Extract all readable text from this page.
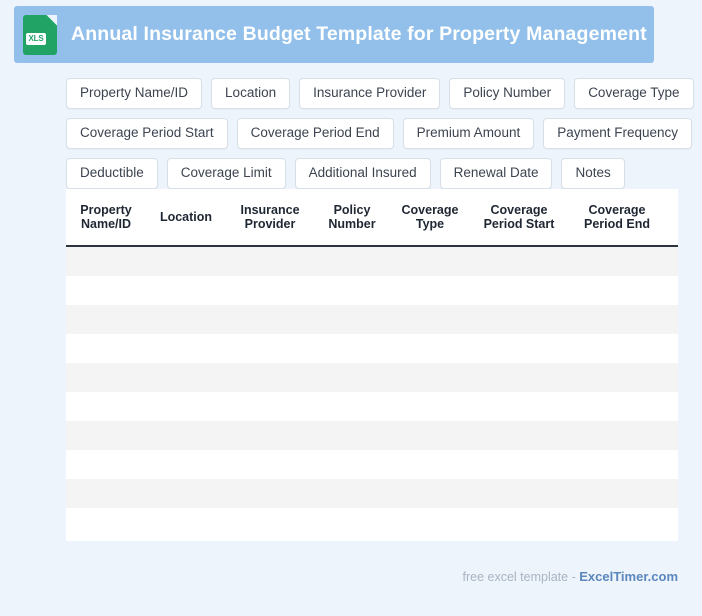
XLS Annual Insurance Budget Template for Property Management
Property Name/ID	Location	Insurance Provider	Policy Number	Coverage Type
Coverage Period Start	Coverage Period End	Premium Amount	Payment Frequency
Deductible	Coverage Limit	Additional Insured	Renewal Date	Notes
Property Name/ID	Location	Insurance Provider	Policy Number	Coverage Type	Coverage Period Start	Coverage Period End	

free excel template - ExcelTimer.com
